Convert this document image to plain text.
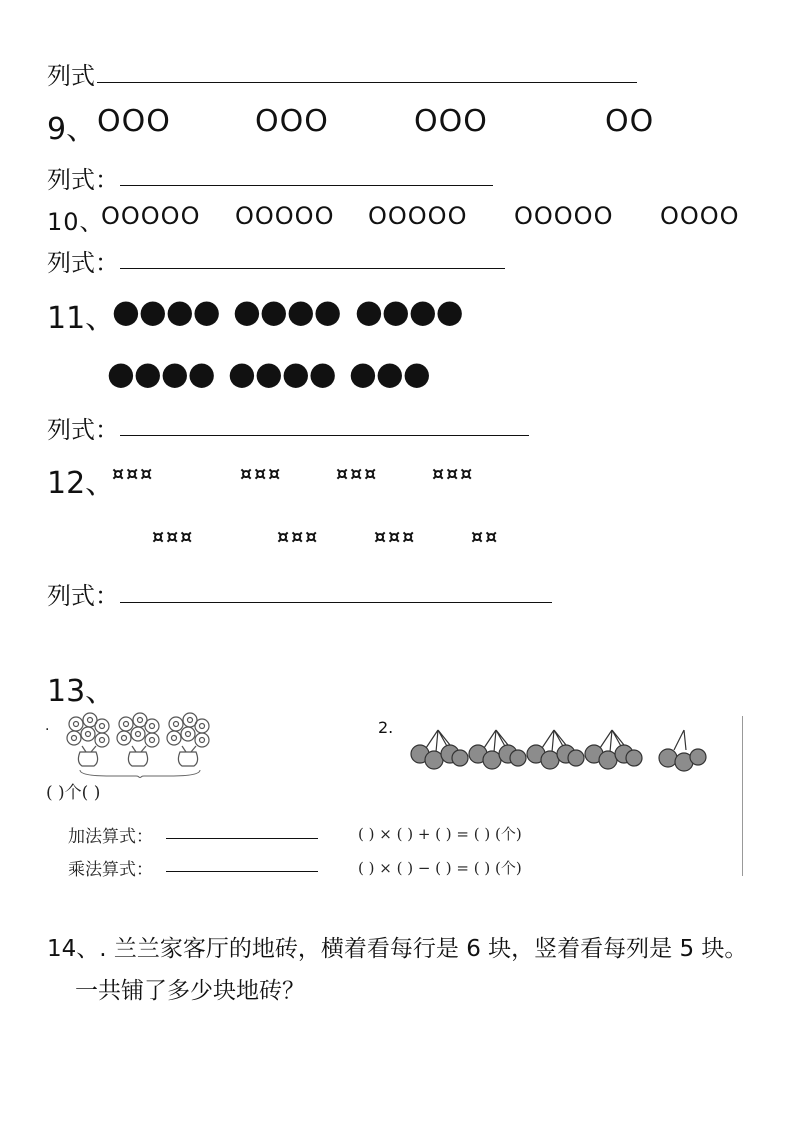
列式
9、 OOO	OOO	OOO	OO
列式：
10、
OOOOO OOOOO OOOOO OOOOO OOOO
列式：
11、
●●●● ●●●● ●●●●
●●●● ●●●● ●●●
列式：
12、
¤¤¤	¤¤¤	¤¤¤	¤¤¤
¤¤¤	¤¤¤	¤¤¤	¤¤
列式：
13、
.
( )个( )
加法算式：
乘法算式：
2.
( ) × ( ) + ( ) = ( ) (个)
( ) × ( ) − ( ) = ( ) (个)
14、. 兰兰家客厅的地砖，横着看每行是 6 块，竖着看每列是 5 块。
一共铺了多少块地砖？
